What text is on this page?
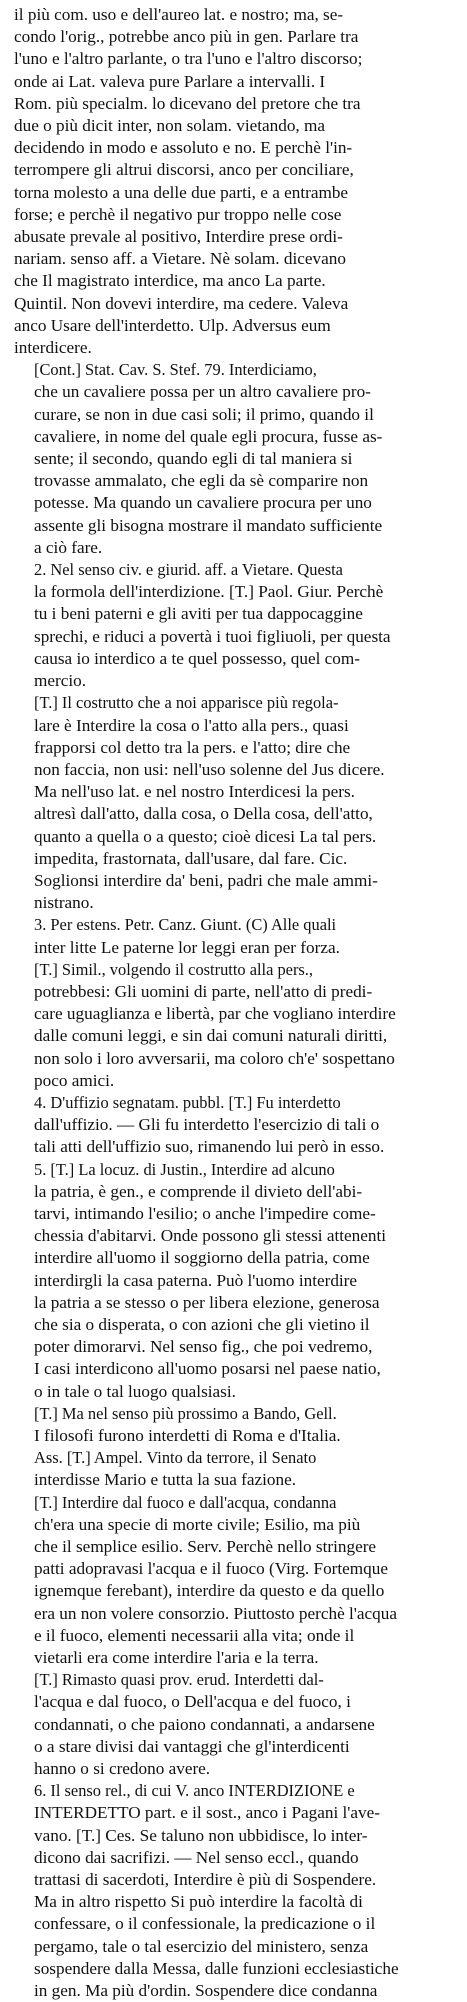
il più com. uso e dell'aureo lat. e nostro; ma, se-
condo l'orig., potrebbe anco più in gen. Parlare tra
l'uno e l'altro parlante, o tra l'uno e l'altro discorso;
onde ai Lat. valeva pure Parlare a intervalli. I
Rom. più specialm. lo dicevano del pretore che tra
due o più dicit inter, non solam. vietando, ma
decidendo in modo e assoluto e no. E perchè l'in-
terrompere gli altrui discorsi, anco per conciliare,
torna molesto a una delle due parti, e a entrambe
forse; e perchè il negativo pur troppo nelle cose
abusate prevale al positivo, Interdire prese ordi-
nariam. senso aff. a Vietare. Nè solam. dicevano
che Il magistrato interdice, ma anco La parte.
Quintil. Non dovevi interdire, ma cedere. Valeva
anco Usare dell'interdetto. Ulp. Adversus eum
interdicere.

[Cont.] Stat. Cav. S. Stef. 79. Interdiciamo,
che un cavaliere possa per un altro cavaliere pro-
curare, se non in due casi soli; il primo, quando il
cavaliere, in nome del quale egli procura, fusse as-
sente; il secondo, quando egli di tal maniera si
trovasse ammalato, che egli da sè comparire non
potesse. Ma quando un cavaliere procura per uno
assente gli bisogna mostrare il mandato sufficiente
a ciò fare.

2. Nel senso civ. e giurid. aff. a Vietare. Questa
la formola dell'interdizione. [T.] Paol. Giur. Perchè
tu i beni paterni e gli aviti per tua dappocaggine
sprechi, e riduci a povertà i tuoi figliuoli, per questa
causa io interdico a te quel possesso, quel com-
mercio.

[T.] Il costrutto che a noi apparisce più regola-
lare è Interdire la cosa o l'atto alla pers., quasi
frapporsi col detto tra la pers. e l'atto; dire che
non faccia, non usi: nell'uso solenne del Jus dicere.
Ma nell'uso lat. e nel nostro Interdicesi la pers.
altresì dall'atto, dalla cosa, o Della cosa, dell'atto,
quanto a quella o a questo; cioè dicesi La tal pers.
impedita, frastornata, dall'usare, dal fare. Cic.
Soglionsi interdire da' beni, padri che male ammi-
nistrano.

3. Per estens. Petr. Canz. Giunt. (C) Alle quali
inter litte Le paterne lor leggi eran per forza.

[T.] Simil., volgendo il costrutto alla pers.,
potrebbesi: Gli uomini di parte, nell'atto di predi-
care uguaglianza e libertà, par che vogliano interdire
dalle comuni leggi, e sin dai comuni naturali diritti,
non solo i loro avversarii, ma coloro ch'e' sospettano
poco amici.

4. D'uffizio segnatam. pubbl. [T.] Fu interdetto
dall'uffizio. — Gli fu interdetto l'esercizio di tali o
tali atti dell'uffizio suo, rimanendo lui però in esso.

5. [T.] La locuz. di Justin., Interdire ad alcuno
la patria, è gen., e comprende il divieto dell'abi-
tarvi, intimando l'esilio; o anche l'impedire come-
chessia d'abitarvi. Onde possono gli stessi attenenti
interdire all'uomo il soggiorno della patria, come
interdirgli la casa paterna. Può l'uomo interdire
la patria a se stesso o per libera elezione, generosa
che sia o disperata, o con azioni che gli vietino il
poter dimorarvi. Nel senso fig., che poi vedremo,
I casi interdicono all'uomo posarsi nel paese natio,
o in tale o tal luogo qualsiasi.

[T.] Ma nel senso più prossimo a Bando, Gell.
I filosofi furono interdetti di Roma e d'Italia.

Ass. [T.] Ampel. Vinto da terrore, il Senato
interdisse Mario e tutta la sua fazione.

[T.] Interdire dal fuoco e dall'acqua, condanna
ch'era una specie di morte civile; Esilio, ma più
che il semplice esilio. Serv. Perchè nello stringere
patti adopravasi l'acqua e il fuoco (Virg. Fortemque
ignemque ferebant), interdire da questo e da quello
era un non volere consorzio. Piuttosto perchè l'acqua
e il fuoco, elementi necessarii alla vita; onde il
vietarli era come interdire l'aria e la terra.

[T.] Rimasto quasi prov. erud. Interdetti dal-
l'acqua e dal fuoco, o Dell'acqua e del fuoco, i
condannati, o che paiono condannati, a andarsene
o a stare divisi dai vantaggi che gl'interdicenti
hanno o si credono avere.

6. Il senso rel., di cui V. anco INTERDIZIONE e
INTERDETTO part. e il sost., anco i Pagani l'ave-
vano. [T.] Ces. Se taluno non ubbidisce, lo inter-
dicono dai sacrifizi. — Nel senso eccl., quando
trattasi di sacerdoti, Interdire è più di Sospendere.
Ma in altro rispetto Si può interdire la facoltà di
confessare, o il confessionale, la predicazione o il
pergamo, tale o tal esercizio del ministero, senza
sospendere dalla Messa, dalle funzioni ecclesiastiche
in gen. Ma più d'ordin. Sospendere dice condanna
